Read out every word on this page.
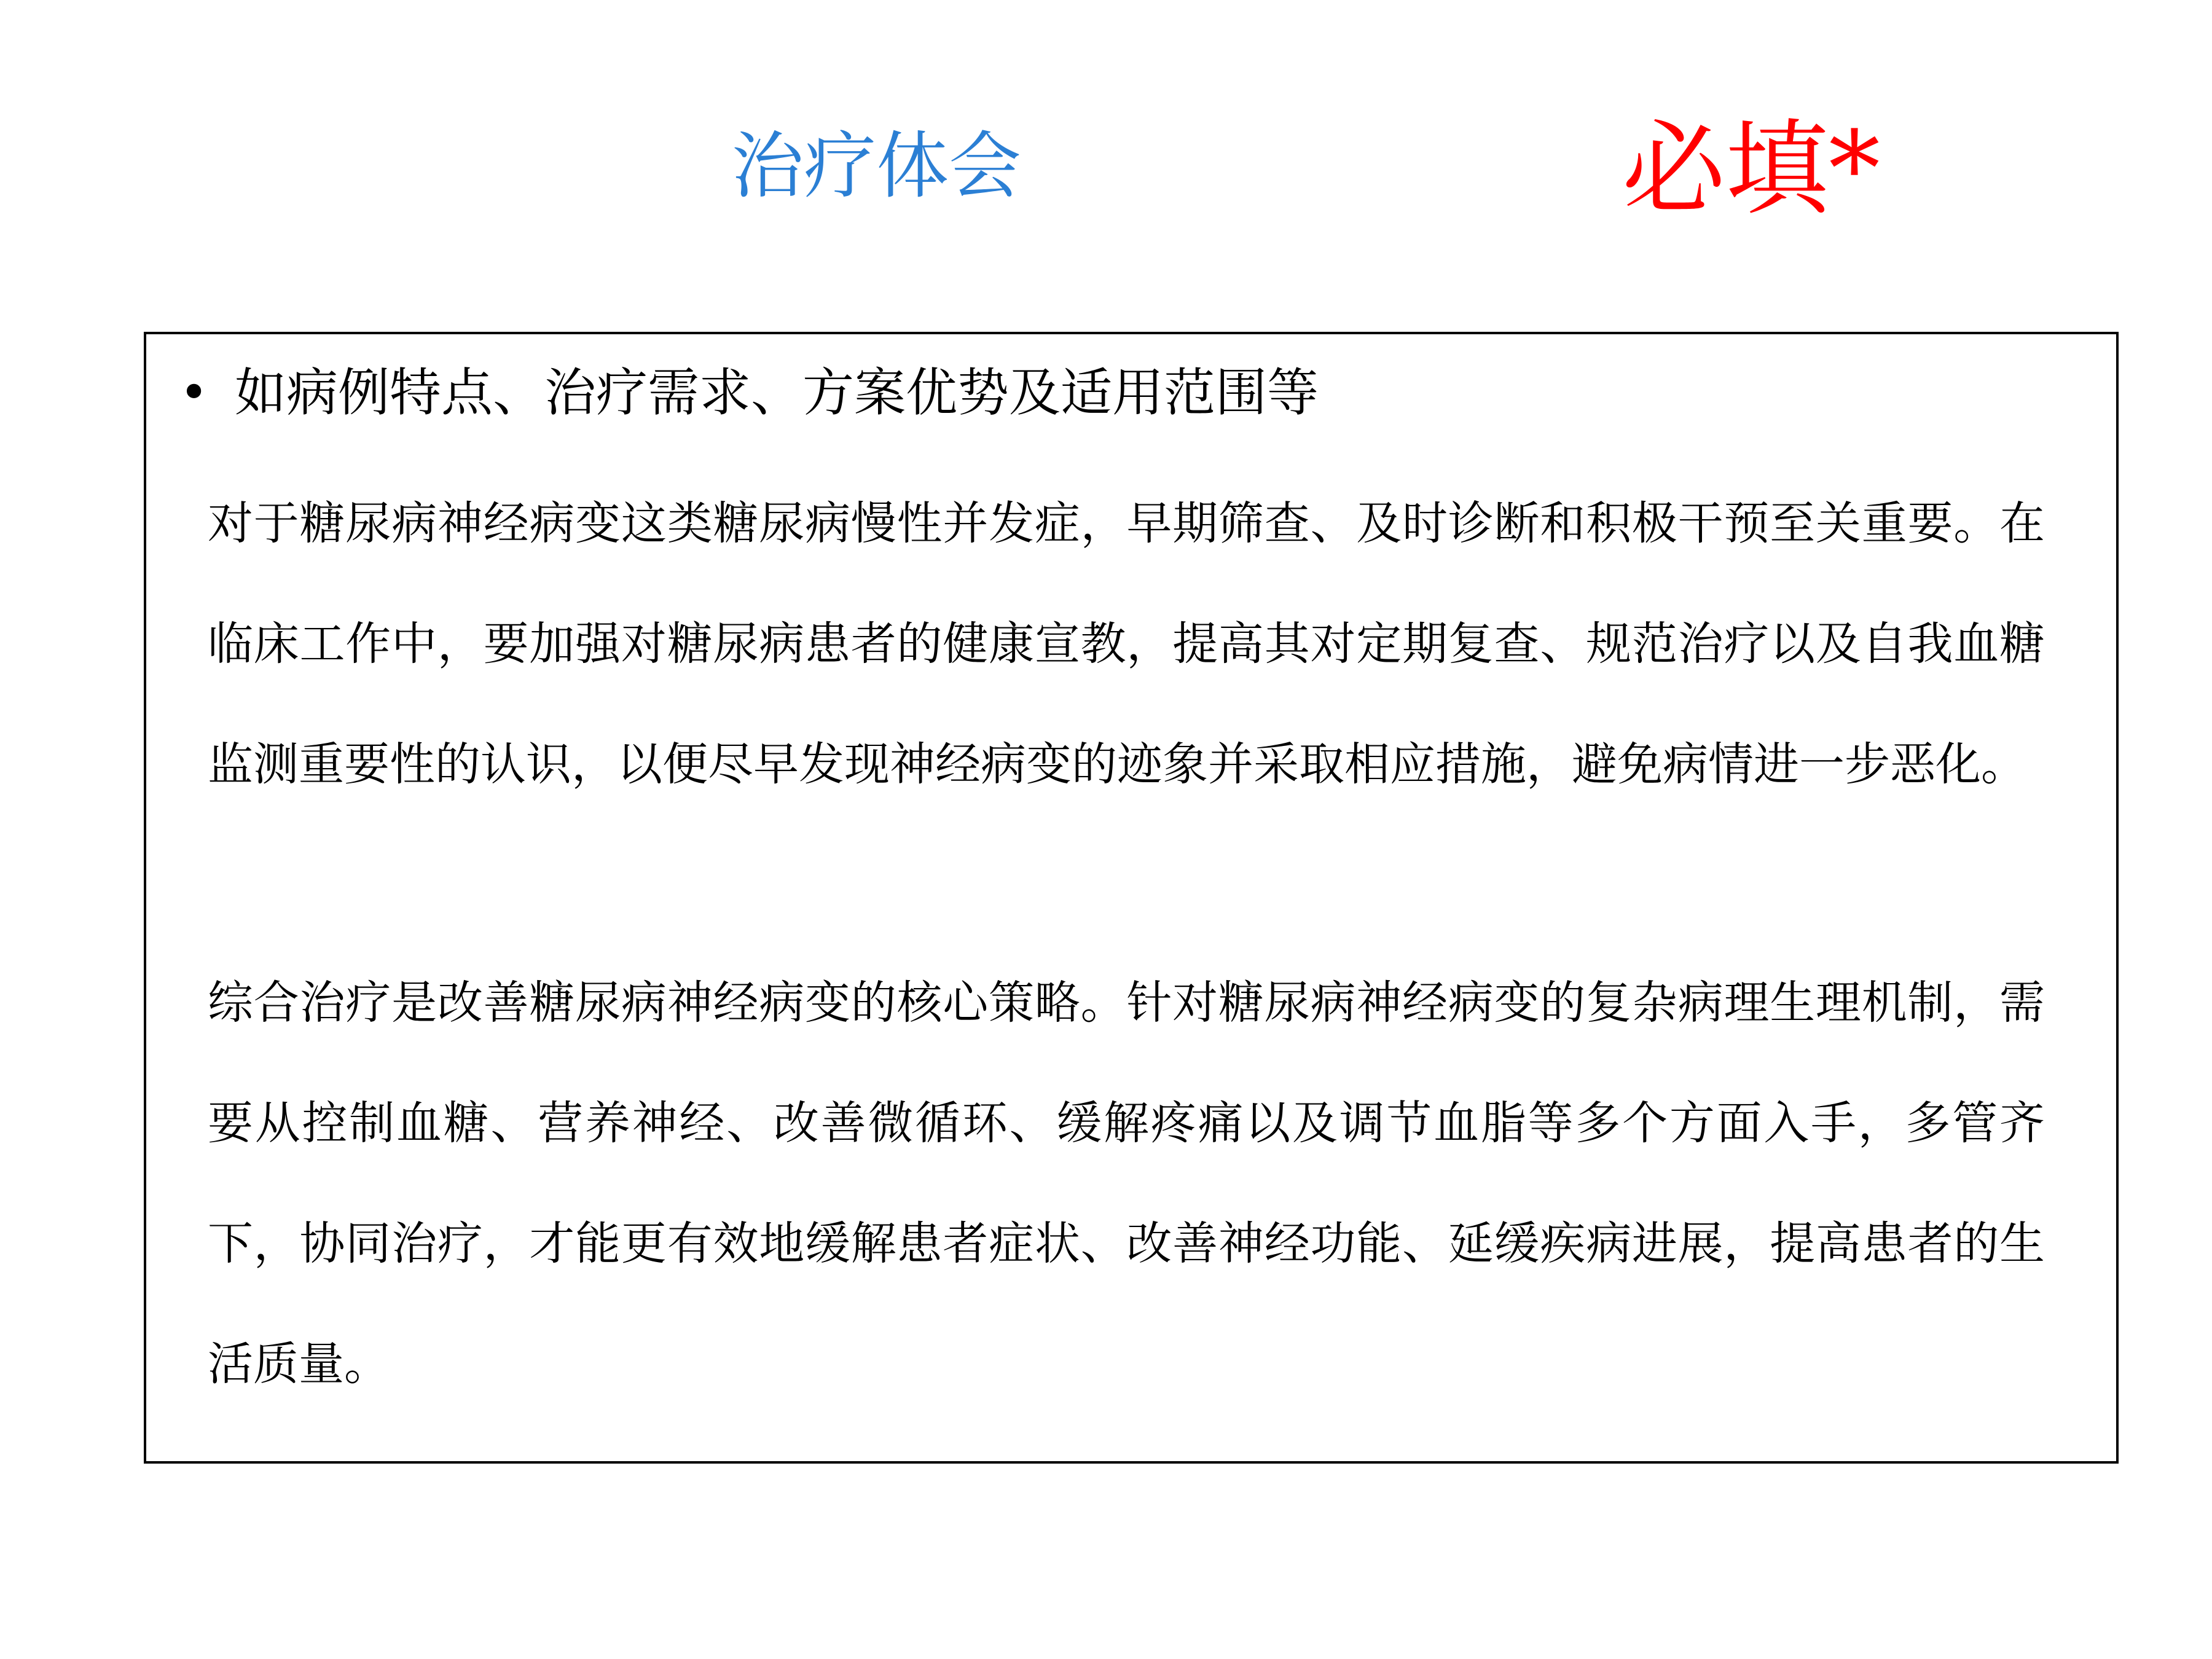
治疗体会	必填*
• 如病例特点、治疗需求、方案优势及适用范围等

对于糖尿病神经病变这类糖尿病慢性并发症，早期筛查、及时诊断和积极干预至关重要。在临床工作中，要加强对糖尿病患者的健康宣教，提高其对定期复查、规范治疗以及自我血糖监测重要性的认识，以便尽早发现神经病变的迹象并采取相应措施，避免病情进一步恶化。

综合治疗是改善糖尿病神经病变的核心策略。针对糖尿病神经病变的复杂病理生理机制，需要从控制血糖、营养神经、改善微循环、缓解疼痛以及调节血脂等多个方面入手，多管齐下，协同治疗，才能更有效地缓解患者症状、改善神经功能、延缓疾病进展，提高患者的生活质量。
